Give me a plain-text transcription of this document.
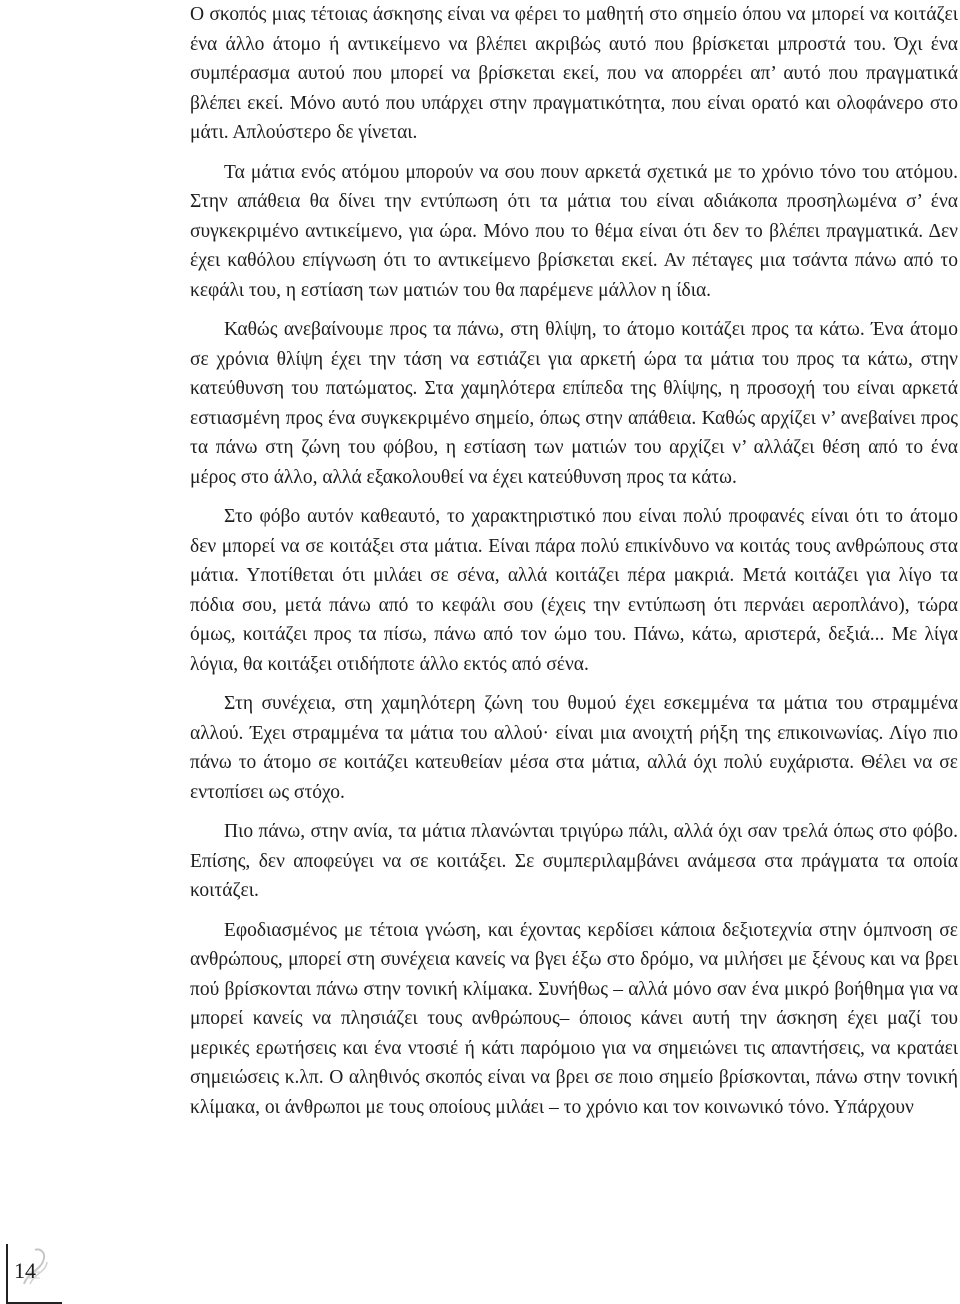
Ο σκοπός μιας τέτοιας άσκησης είναι να φέρει το μαθητή στο σημείο όπου να μπορεί να κοιτάζει ένα άλλο άτομο ή αντικείμενο να βλέπει ακριβώς αυτό που βρίσκεται μπροστά του. Όχι ένα συμπέρασμα αυτού που μπορεί να βρίσκεται εκεί, που να απορρέει απ’ αυτό που πραγματικά βλέπει εκεί. Μόνο αυτό που υπάρχει στην πραγματικότητα, που είναι ορατό και ολοφάνερο στο μάτι. Απλούστερο δε γίνεται.

Τα μάτια ενός ατόμου μπορούν να σου πουν αρκετά σχετικά με το χρόνιο τόνο του ατόμου. Στην απάθεια θα δίνει την εντύπωση ότι τα μάτια του είναι αδιάκοπα προσηλωμένα σ’ ένα συγκεκριμένο αντικείμενο, για ώρα. Μόνο που το θέμα είναι ότι δεν το βλέπει πραγματικά. Δεν έχει καθόλου επίγνωση ότι το αντικείμενο βρίσκεται εκεί. Αν πέταγες μια τσάντα πάνω από το κεφάλι του, η εστίαση των ματιών του θα παρέμενε μάλλον η ίδια.

Καθώς ανεβαίνουμε προς τα πάνω, στη θλίψη, το άτομο κοιτάζει προς τα κάτω. Ένα άτομο σε χρόνια θλίψη έχει την τάση να εστιάζει για αρκετή ώρα τα μάτια του προς τα κάτω, στην κατεύθυνση του πατώματος. Στα χαμηλότερα επίπεδα της θλίψης, η προσοχή του είναι αρκετά εστιασμένη προς ένα συγκεκριμένο σημείο, όπως στην απάθεια. Καθώς αρχίζει ν’ ανεβαίνει προς τα πάνω στη ζώνη του φόβου, η εστίαση των ματιών του αρχίζει ν’ αλλάζει θέση από το ένα μέρος στο άλλο, αλλά εξακολουθεί να έχει κατεύθυνση προς τα κάτω.

Στο φόβο αυτόν καθεαυτό, το χαρακτηριστικό που είναι πολύ προφανές είναι ότι το άτομο δεν μπορεί να σε κοιτάξει στα μάτια. Είναι πάρα πολύ επικίνδυνο να κοιτάς τους ανθρώπους στα μάτια. Υποτίθεται ότι μιλάει σε σένα, αλλά κοιτάζει πέρα μακριά. Μετά κοιτάζει για λίγο τα πόδια σου, μετά πάνω από το κεφάλι σου (έχεις την εντύπωση ότι περνάει αεροπλάνο), τώρα όμως, κοιτάζει προς τα πίσω, πάνω από τον ώμο του. Πάνω, κάτω, αριστερά, δεξιά... Με λίγα λόγια, θα κοιτάξει οτιδήποτε άλλο εκτός από σένα.

Στη συνέχεια, στη χαμηλότερη ζώνη του θυμού έχει εσκεμμένα τα μάτια του στραμμένα αλλού. Έχει στραμμένα τα μάτια του αλλού· είναι μια ανοιχτή ρήξη της επικοινωνίας. Λίγο πιο πάνω το άτομο σε κοιτάζει κατευθείαν μέσα στα μάτια, αλλά όχι πολύ ευχάριστα. Θέλει να σε εντοπίσει ως στόχο.

Πιο πάνω, στην ανία, τα μάτια πλανώνται τριγύρω πάλι, αλλά όχι σαν τρελά όπως στο φόβο. Επίσης, δεν αποφεύγει να σε κοιτάξει. Σε συμπεριλαμβάνει ανάμεσα στα πράγματα τα οποία κοιτάζει.

Εφοδιασμένος με τέτοια γνώση, και έχοντας κερδίσει κάποια δεξιοτεχνία στην όμπνοση σε ανθρώπους, μπορεί στη συνέχεια κανείς να βγει έξω στο δρόμο, να μιλήσει με ξένους και να βρει πού βρίσκονται πάνω στην τονική κλίμακα. Συνήθως – αλλά μόνο σαν ένα μικρό βοήθημα για να μπορεί κανείς να πλησιάζει τους ανθρώπους– όποιος κάνει αυτή την άσκηση έχει μαζί του μερικές ερωτήσεις και ένα ντοσιέ ή κάτι παρόμοιο για να σημειώνει τις απαντήσεις, να κρατάει σημειώσεις κ.λπ. Ο αληθινός σκοπός είναι να βρει σε ποιο σημείο βρίσκονται, πάνω στην τονική κλίμακα, οι άνθρωποι με τους οποίους μιλάει – το χρόνιο και τον κοινωνικό τόνο. Υπάρχουν

14
